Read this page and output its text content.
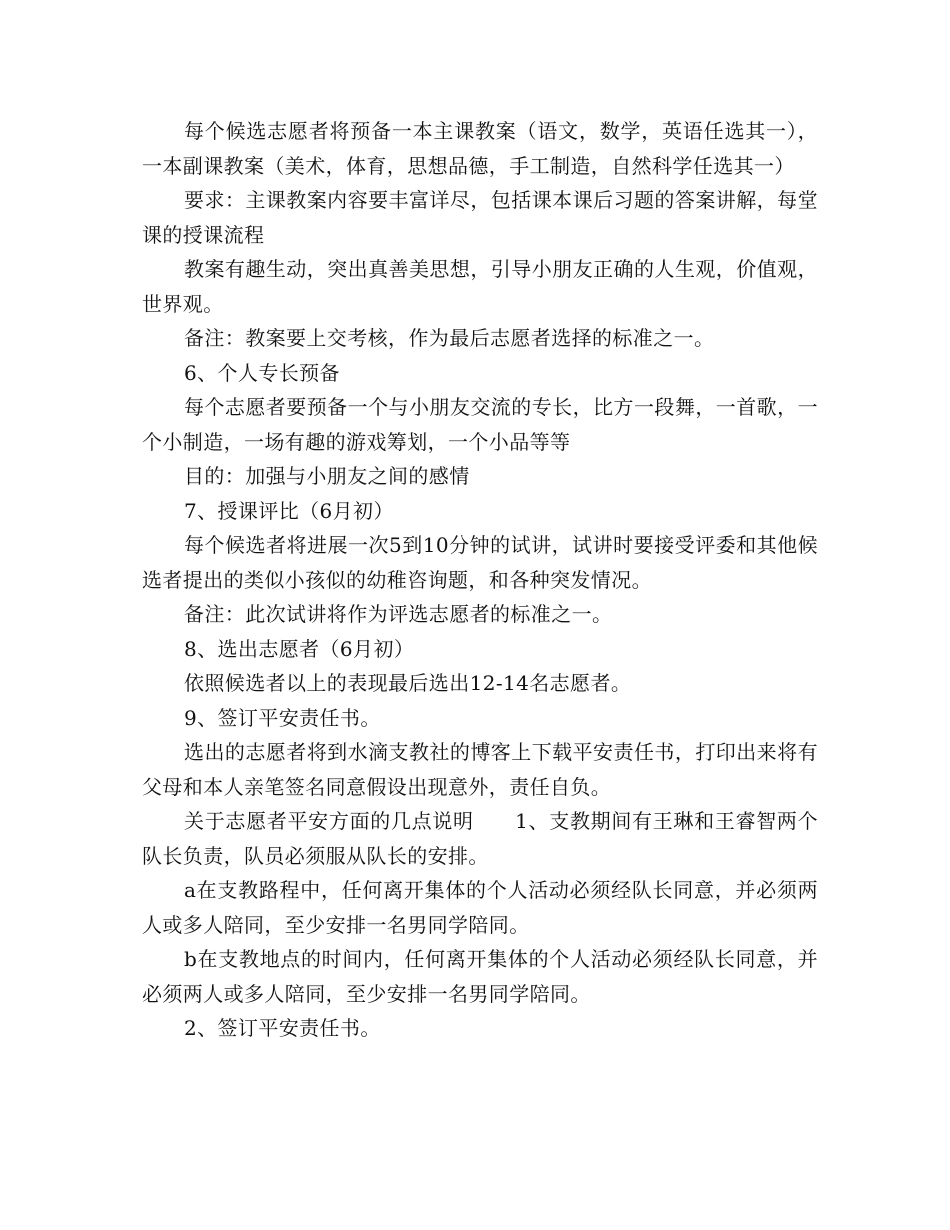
每个候选志愿者将预备一本主课教案（语文，数学，英语任选其一），一本副课教案（美术，体育，思想品德，手工制造，自然科学任选其一）

要求：主课教案内容要丰富详尽，包括课本课后习题的答案讲解，每堂课的授课流程

教案有趣生动，突出真善美思想，引导小朋友正确的人生观，价值观，世界观。

备注：教案要上交考核，作为最后志愿者选择的标准之一。

6、个人专长预备

每个志愿者要预备一个与小朋友交流的专长，比方一段舞，一首歌，一个小制造，一场有趣的游戏筹划，一个小品等等

目的：加强与小朋友之间的感情

7、授课评比（6月初）

每个候选者将进展一次5到10分钟的试讲，试讲时要接受评委和其他候选者提出的类似小孩似的幼稚咨询题，和各种突发情况。

备注：此次试讲将作为评选志愿者的标准之一。

8、选出志愿者（6月初）

依照候选者以上的表现最后选出12-14名志愿者。

9、签订平安责任书。

选出的志愿者将到水滴支教社的博客上下载平安责任书，打印出来将有父母和本人亲笔签名同意假设出现意外，责任自负。

关于志愿者平安方面的几点说明　　1、支教期间有王琳和王睿智两个队长负责，队员必须服从队长的安排。

a在支教路程中，任何离开集体的个人活动必须经队长同意，并必须两人或多人陪同，至少安排一名男同学陪同。

b在支教地点的时间内，任何离开集体的个人活动必须经队长同意，并必须两人或多人陪同，至少安排一名男同学陪同。

2、签订平安责任书。
